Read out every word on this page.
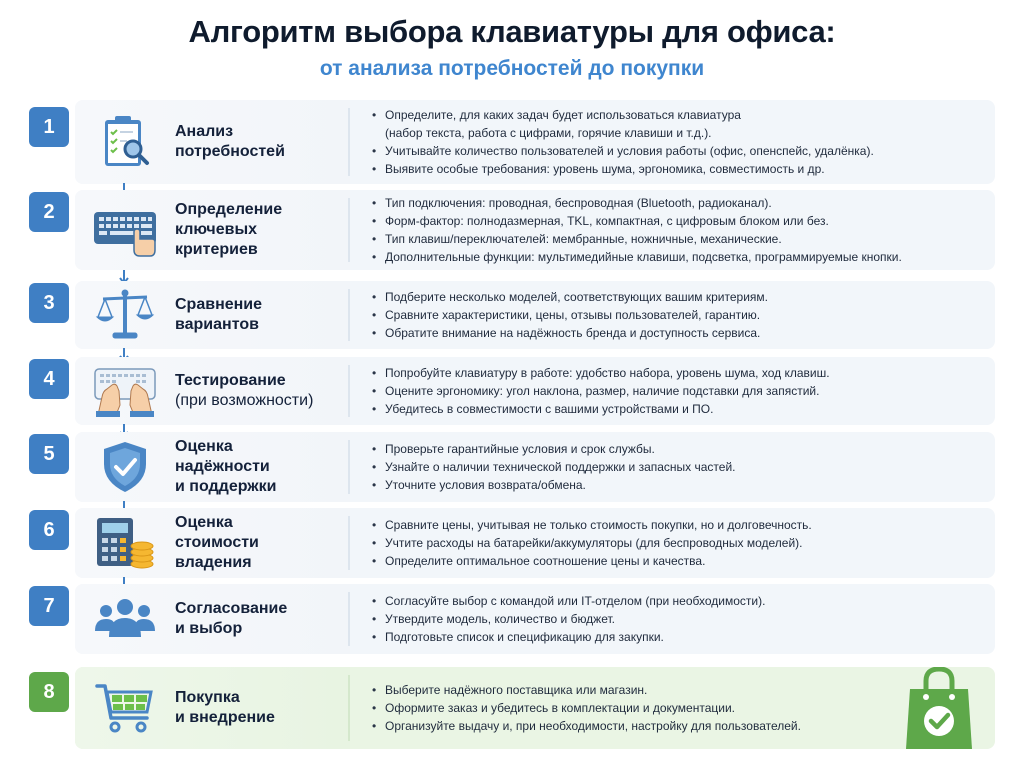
Алгоритм выбора клавиатуры для офиса:
от анализа потребностей до покупки
1	Анализ
потребностей
• Определите, для каких задач будет использоваться клавиатура
(набор текста, работа с цифрами, горячие клавиши и т.д.).
• Учитывайте количество пользователей и условия работы (офис, опенспейс, удалёнка).
• Выявите особые требования: уровень шума, эргономика, совместимость и др.
2	Определение
ключевых
критериев
• Тип подключения: проводная, беспроводная (Bluetooth, радиоканал).
• Форм-фактор: полнодазмерная, TKL, компактная, с цифровым блоком или без.
• Тип клавиш/переключателей: мембранные, ножничные, механические.
• Дополнительные функции: мультимедийные клавиши, подсветка, программируемые кнопки.
3	Сравнение
вариантов
• Подберите несколько моделей, соответствующих вашим критериям.
• Сравните характеристики, цены, отзывы пользователей, гарантию.
• Обратите внимание на надёжность бренда и доступность сервиса.
4	Тестирование
(при возможности)
• Попробуйте клавиатуру в работе: удобство набора, уровень шума, ход клавиш.
• Оцените эргономику: угол наклона, размер, наличие подставки для запястий.
• Убедитесь в совместимости с вашими устройствами и ПО.
5	Оценка
надёжности
и поддержки
• Проверьте гарантийные условия и срок службы.
• Узнайте о наличии технической поддержки и запасных частей.
• Уточните условия возврата/обмена.
6	Оценка
стоимости
владения
• Сравните цены, учитывая не только стоимость покупки, но и долговечность.
• Учтите расходы на батарейки/аккумуляторы (для беспроводных моделей).
• Определите оптимальное соотношение цены и качества.
7	Согласование
и выбор
• Согласуйте выбор с командой или IT-отделом (при необходимости).
• Утвердите модель, количество и бюджет.
• Подготовьте список и спецификацию для закупки.
8	Покупка
и внедрение
• Выберите надёжного поставщика или магазин.
• Оформите заказ и убедитесь в комплектации и документации.
• Организуйте выдачу и, при необходимости, настройку для пользователей.
